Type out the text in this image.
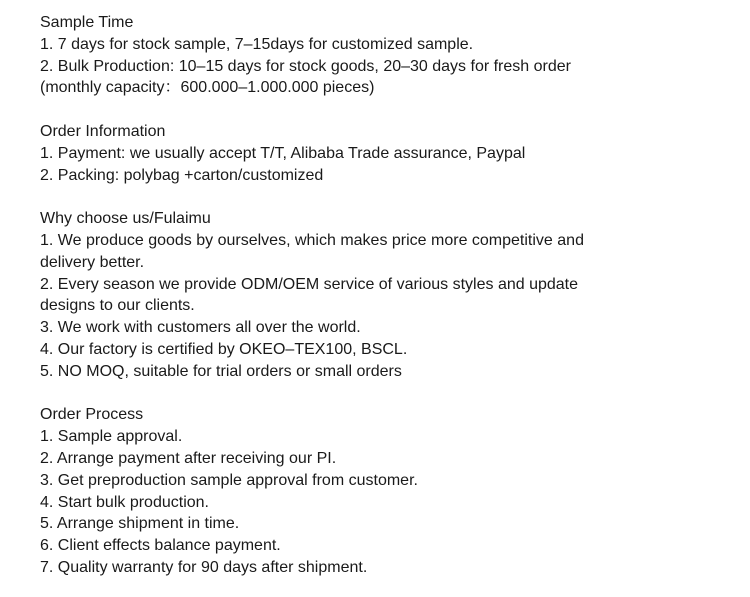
Sample Time
1. 7 days for stock sample, 7–15days for customized sample.
2. Bulk Production: 10–15 days for stock goods, 20–30 days for fresh order
(monthly capacity：600.000–1.000.000 pieces)
Order Information
1. Payment: we usually accept T/T, Alibaba Trade assurance, Paypal
2. Packing: polybag +carton/customized
Why choose us/Fulaimu
1. We produce goods by ourselves, which makes price more competitive and
delivery better.
2. Every season we provide ODM/OEM service of various styles and update
designs to our clients.
3. We work with customers all over the world.
4. Our factory is certified by OKEO–TEX100, BSCL.
5. NO MOQ, suitable for trial orders or small orders
Order Process
1. Sample approval.
2. Arrange payment after receiving our PI.
3. Get preproduction sample approval from customer.
4. Start bulk production.
5. Arrange shipment in time.
6. Client effects balance payment.
7. Quality warranty for 90 days after shipment.
